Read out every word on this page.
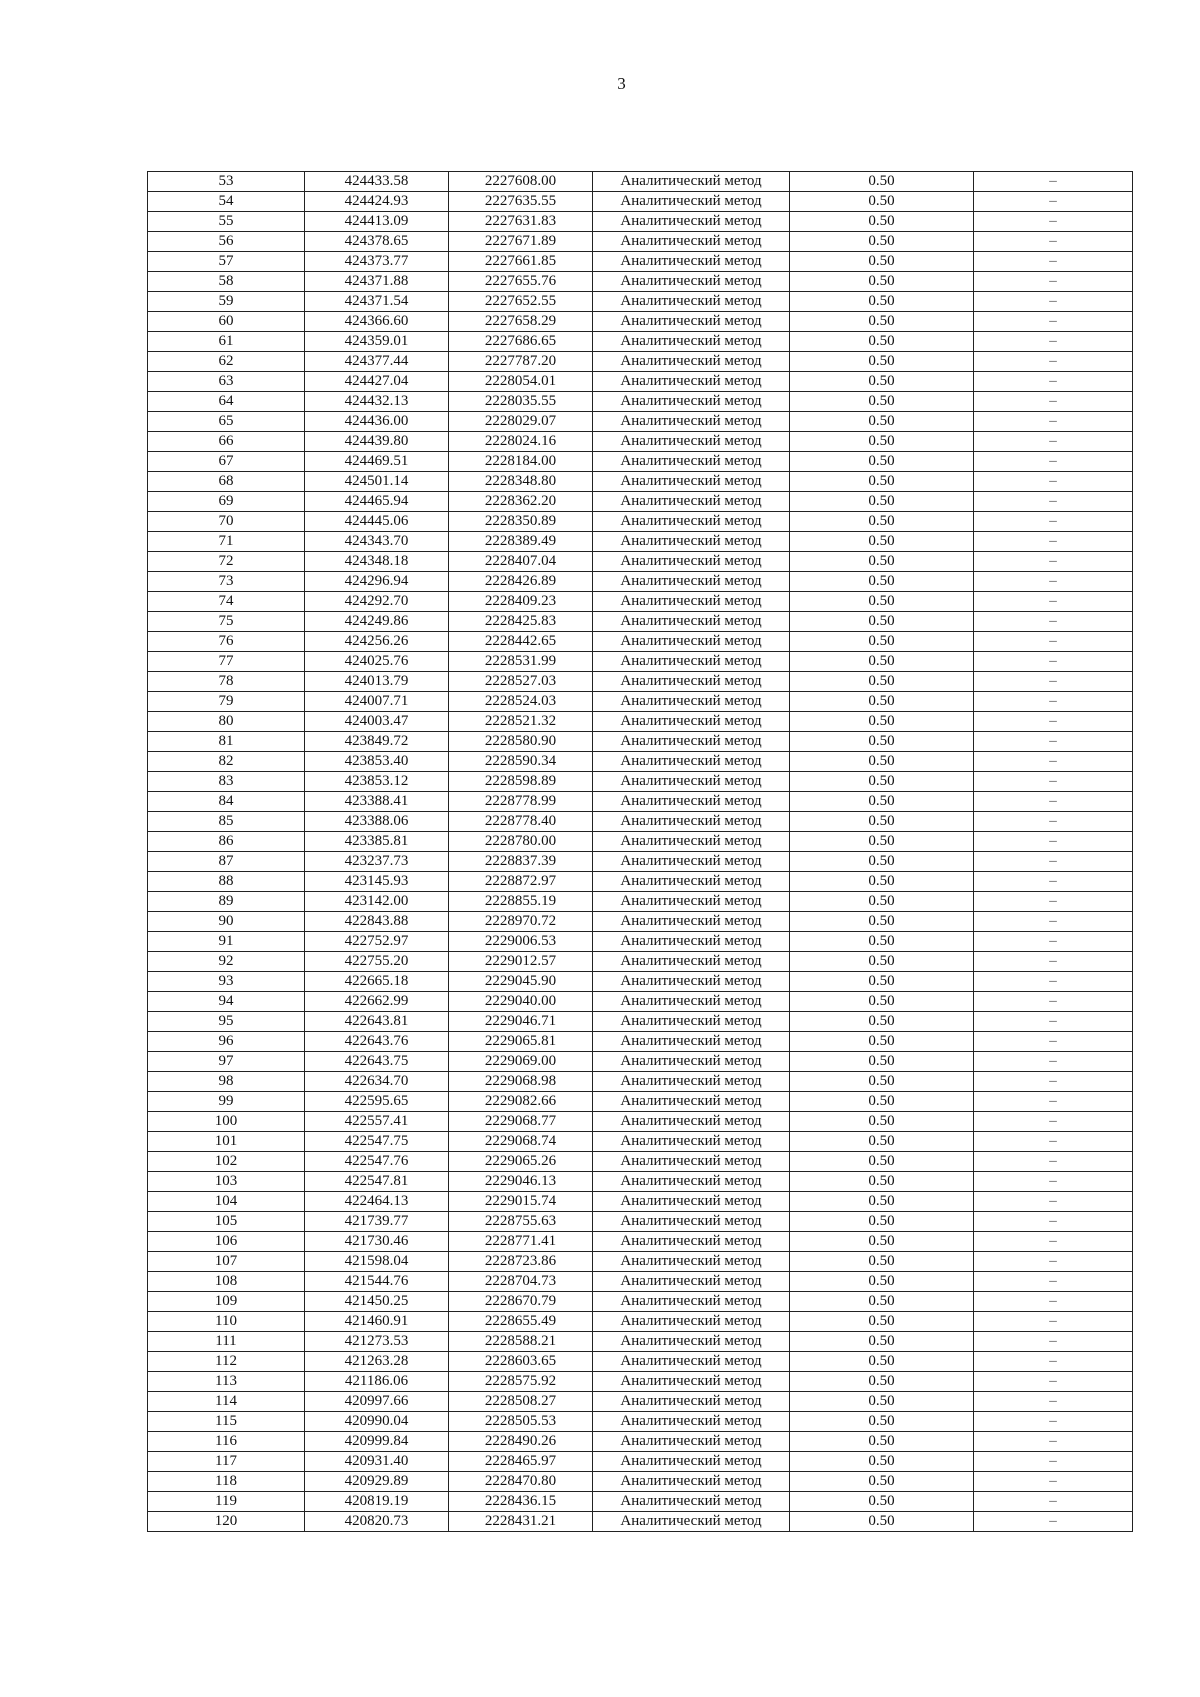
3
53	424433.58	2227608.00	Аналитический метод	0.50	–
54	424424.93	2227635.55	Аналитический метод	0.50	–
55	424413.09	2227631.83	Аналитический метод	0.50	–
56	424378.65	2227671.89	Аналитический метод	0.50	–
57	424373.77	2227661.85	Аналитический метод	0.50	–
58	424371.88	2227655.76	Аналитический метод	0.50	–
59	424371.54	2227652.55	Аналитический метод	0.50	–
60	424366.60	2227658.29	Аналитический метод	0.50	–
61	424359.01	2227686.65	Аналитический метод	0.50	–
62	424377.44	2227787.20	Аналитический метод	0.50	–
63	424427.04	2228054.01	Аналитический метод	0.50	–
64	424432.13	2228035.55	Аналитический метод	0.50	–
65	424436.00	2228029.07	Аналитический метод	0.50	–
66	424439.80	2228024.16	Аналитический метод	0.50	–
67	424469.51	2228184.00	Аналитический метод	0.50	–
68	424501.14	2228348.80	Аналитический метод	0.50	–
69	424465.94	2228362.20	Аналитический метод	0.50	–
70	424445.06	2228350.89	Аналитический метод	0.50	–
71	424343.70	2228389.49	Аналитический метод	0.50	–
72	424348.18	2228407.04	Аналитический метод	0.50	–
73	424296.94	2228426.89	Аналитический метод	0.50	–
74	424292.70	2228409.23	Аналитический метод	0.50	–
75	424249.86	2228425.83	Аналитический метод	0.50	–
76	424256.26	2228442.65	Аналитический метод	0.50	–
77	424025.76	2228531.99	Аналитический метод	0.50	–
78	424013.79	2228527.03	Аналитический метод	0.50	–
79	424007.71	2228524.03	Аналитический метод	0.50	–
80	424003.47	2228521.32	Аналитический метод	0.50	–
81	423849.72	2228580.90	Аналитический метод	0.50	–
82	423853.40	2228590.34	Аналитический метод	0.50	–
83	423853.12	2228598.89	Аналитический метод	0.50	–
84	423388.41	2228778.99	Аналитический метод	0.50	–
85	423388.06	2228778.40	Аналитический метод	0.50	–
86	423385.81	2228780.00	Аналитический метод	0.50	–
87	423237.73	2228837.39	Аналитический метод	0.50	–
88	423145.93	2228872.97	Аналитический метод	0.50	–
89	423142.00	2228855.19	Аналитический метод	0.50	–
90	422843.88	2228970.72	Аналитический метод	0.50	–
91	422752.97	2229006.53	Аналитический метод	0.50	–
92	422755.20	2229012.57	Аналитический метод	0.50	–
93	422665.18	2229045.90	Аналитический метод	0.50	–
94	422662.99	2229040.00	Аналитический метод	0.50	–
95	422643.81	2229046.71	Аналитический метод	0.50	–
96	422643.76	2229065.81	Аналитический метод	0.50	–
97	422643.75	2229069.00	Аналитический метод	0.50	–
98	422634.70	2229068.98	Аналитический метод	0.50	–
99	422595.65	2229082.66	Аналитический метод	0.50	–
100	422557.41	2229068.77	Аналитический метод	0.50	–
101	422547.75	2229068.74	Аналитический метод	0.50	–
102	422547.76	2229065.26	Аналитический метод	0.50	–
103	422547.81	2229046.13	Аналитический метод	0.50	–
104	422464.13	2229015.74	Аналитический метод	0.50	–
105	421739.77	2228755.63	Аналитический метод	0.50	–
106	421730.46	2228771.41	Аналитический метод	0.50	–
107	421598.04	2228723.86	Аналитический метод	0.50	–
108	421544.76	2228704.73	Аналитический метод	0.50	–
109	421450.25	2228670.79	Аналитический метод	0.50	–
110	421460.91	2228655.49	Аналитический метод	0.50	–
111	421273.53	2228588.21	Аналитический метод	0.50	–
112	421263.28	2228603.65	Аналитический метод	0.50	–
113	421186.06	2228575.92	Аналитический метод	0.50	–
114	420997.66	2228508.27	Аналитический метод	0.50	–
115	420990.04	2228505.53	Аналитический метод	0.50	–
116	420999.84	2228490.26	Аналитический метод	0.50	–
117	420931.40	2228465.97	Аналитический метод	0.50	–
118	420929.89	2228470.80	Аналитический метод	0.50	–
119	420819.19	2228436.15	Аналитический метод	0.50	–
120	420820.73	2228431.21	Аналитический метод	0.50	–
